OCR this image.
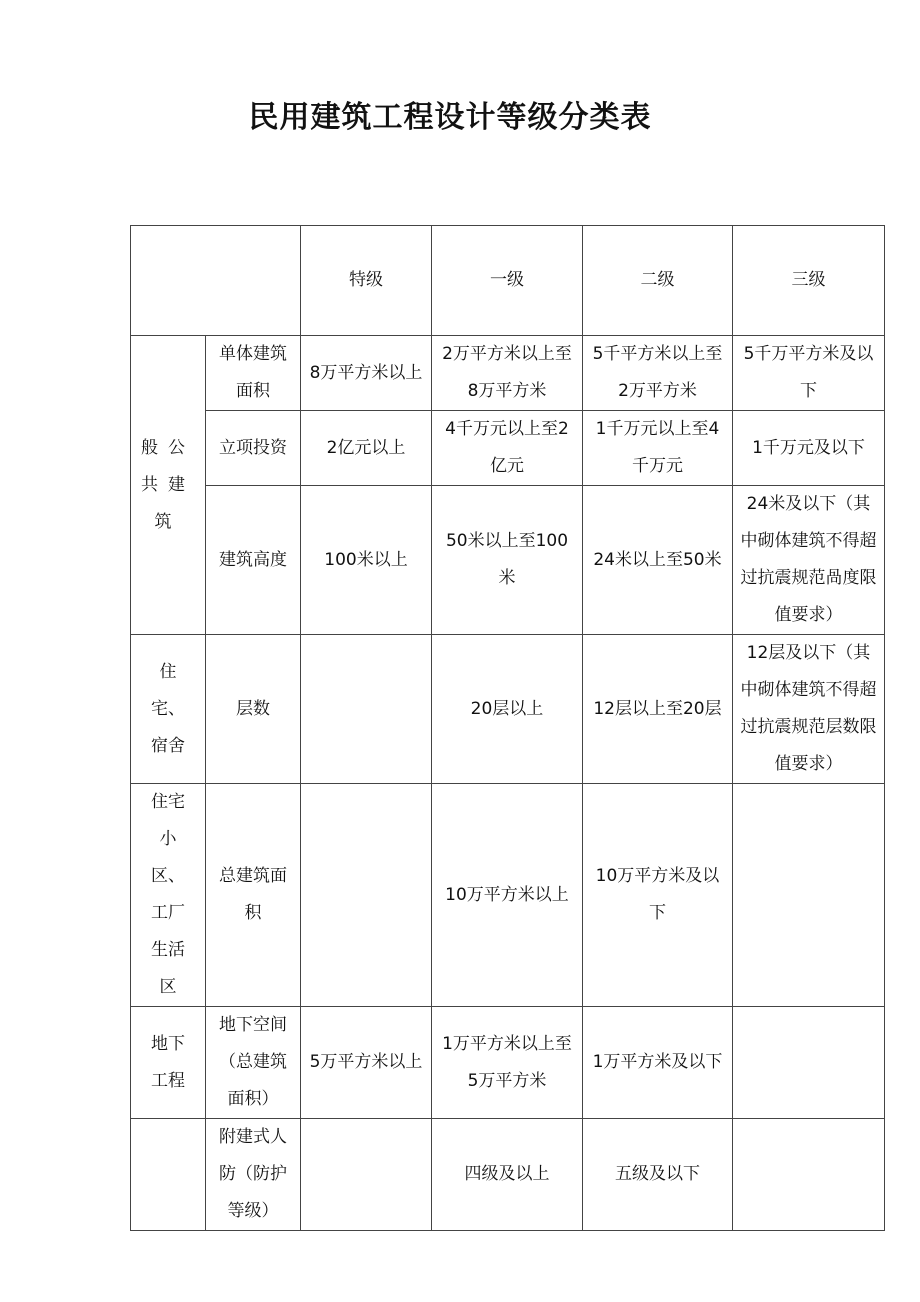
民用建筑工程设计等级分类表
		特级	一级	二级	三级
般公共建筑	单体建筑面积	8万平方米以上	2万平方米以上至8万平方米	5千平方米以上至2万平方米	5千万平方米及以下
	立项投资	2亿元以上	4千万元以上至2亿元	1千万元以上至4千万元	1千万元及以下
	建筑高度	100米以上	50米以上至100米	24米以上至50米	24米及以下（其中砌体建筑不得超过抗震规范咼度限值要求）
住宅、宿舍	层数		20层以上	12层以上至20层	12层及以下（其中砌体建筑不得超过抗震规范层数限值要求）
住宅小区、工厂生活区	总建筑面积		10万平方米以上	10万平方米及以下	
地下工程	地下空间（总建筑面积）	5万平方米以上	1万平方米以上至5万平方米	1万平方米及以下	
	附建式人防（防护等级）		四级及以上	五级及以下	
